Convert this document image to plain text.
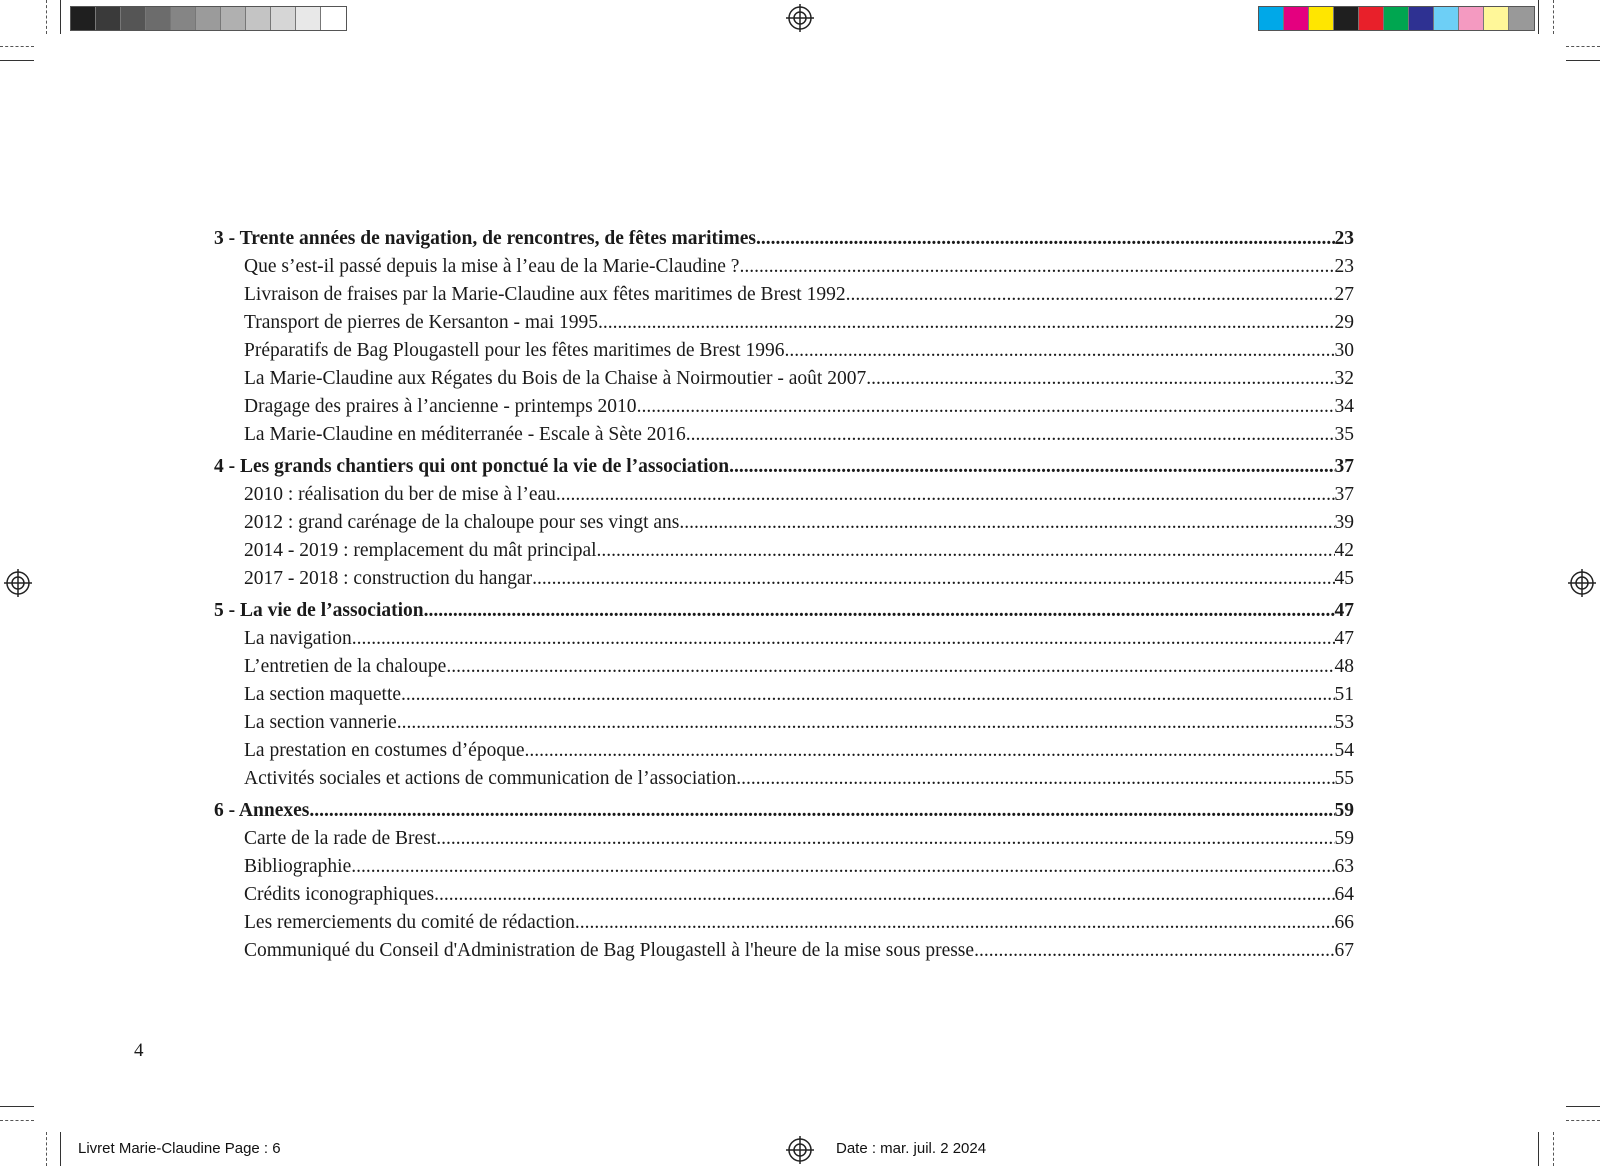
3 - Trente années de navigation, de rencontres, de fêtes maritimes .....	23
Que s’est-il passé depuis la mise à l’eau de la Marie-Claudine ? .....	23
Livraison de fraises par la Marie-Claudine aux fêtes maritimes de Brest 1992 .....	27
Transport de pierres de Kersanton - mai 1995 .....	29
Préparatifs de Bag Plougastell pour les fêtes maritimes de Brest 1996 .....	30
La Marie-Claudine aux Régates du Bois de la Chaise à Noirmoutier - août 2007 .....	32
Dragage des praires à l’ancienne - printemps 2010 .....	34
La Marie-Claudine en méditerranée - Escale à Sète 2016 .....	35
4 - Les grands chantiers qui ont ponctué la vie de l’association .....	37
2010 : réalisation du ber de mise à l’eau .....	37
2012 : grand carénage de la chaloupe pour ses vingt ans .....	39
2014 - 2019 : remplacement du mât principal .....	42
2017 - 2018 : construction du hangar .....	45
5 - La vie de l’association .....	47
La navigation .....	47
L’entretien de la chaloupe .....	48
La section maquette .....	51
La section vannerie .....	53
La prestation en costumes d’époque .....	54
Activités sociales et actions de communication de l’association .....	55
6 - Annexes .....	59
Carte de la rade de Brest .....	59
Bibliographie .....	63
Crédits iconographiques .....	64
Les remerciements du comité de rédaction .....	66
Communiqué du Conseil d'Administration de Bag Plougastell à l'heure de la mise sous presse .....	67
4
Livret Marie-Claudine Page : 6	Date : mar. juil. 2 2024
